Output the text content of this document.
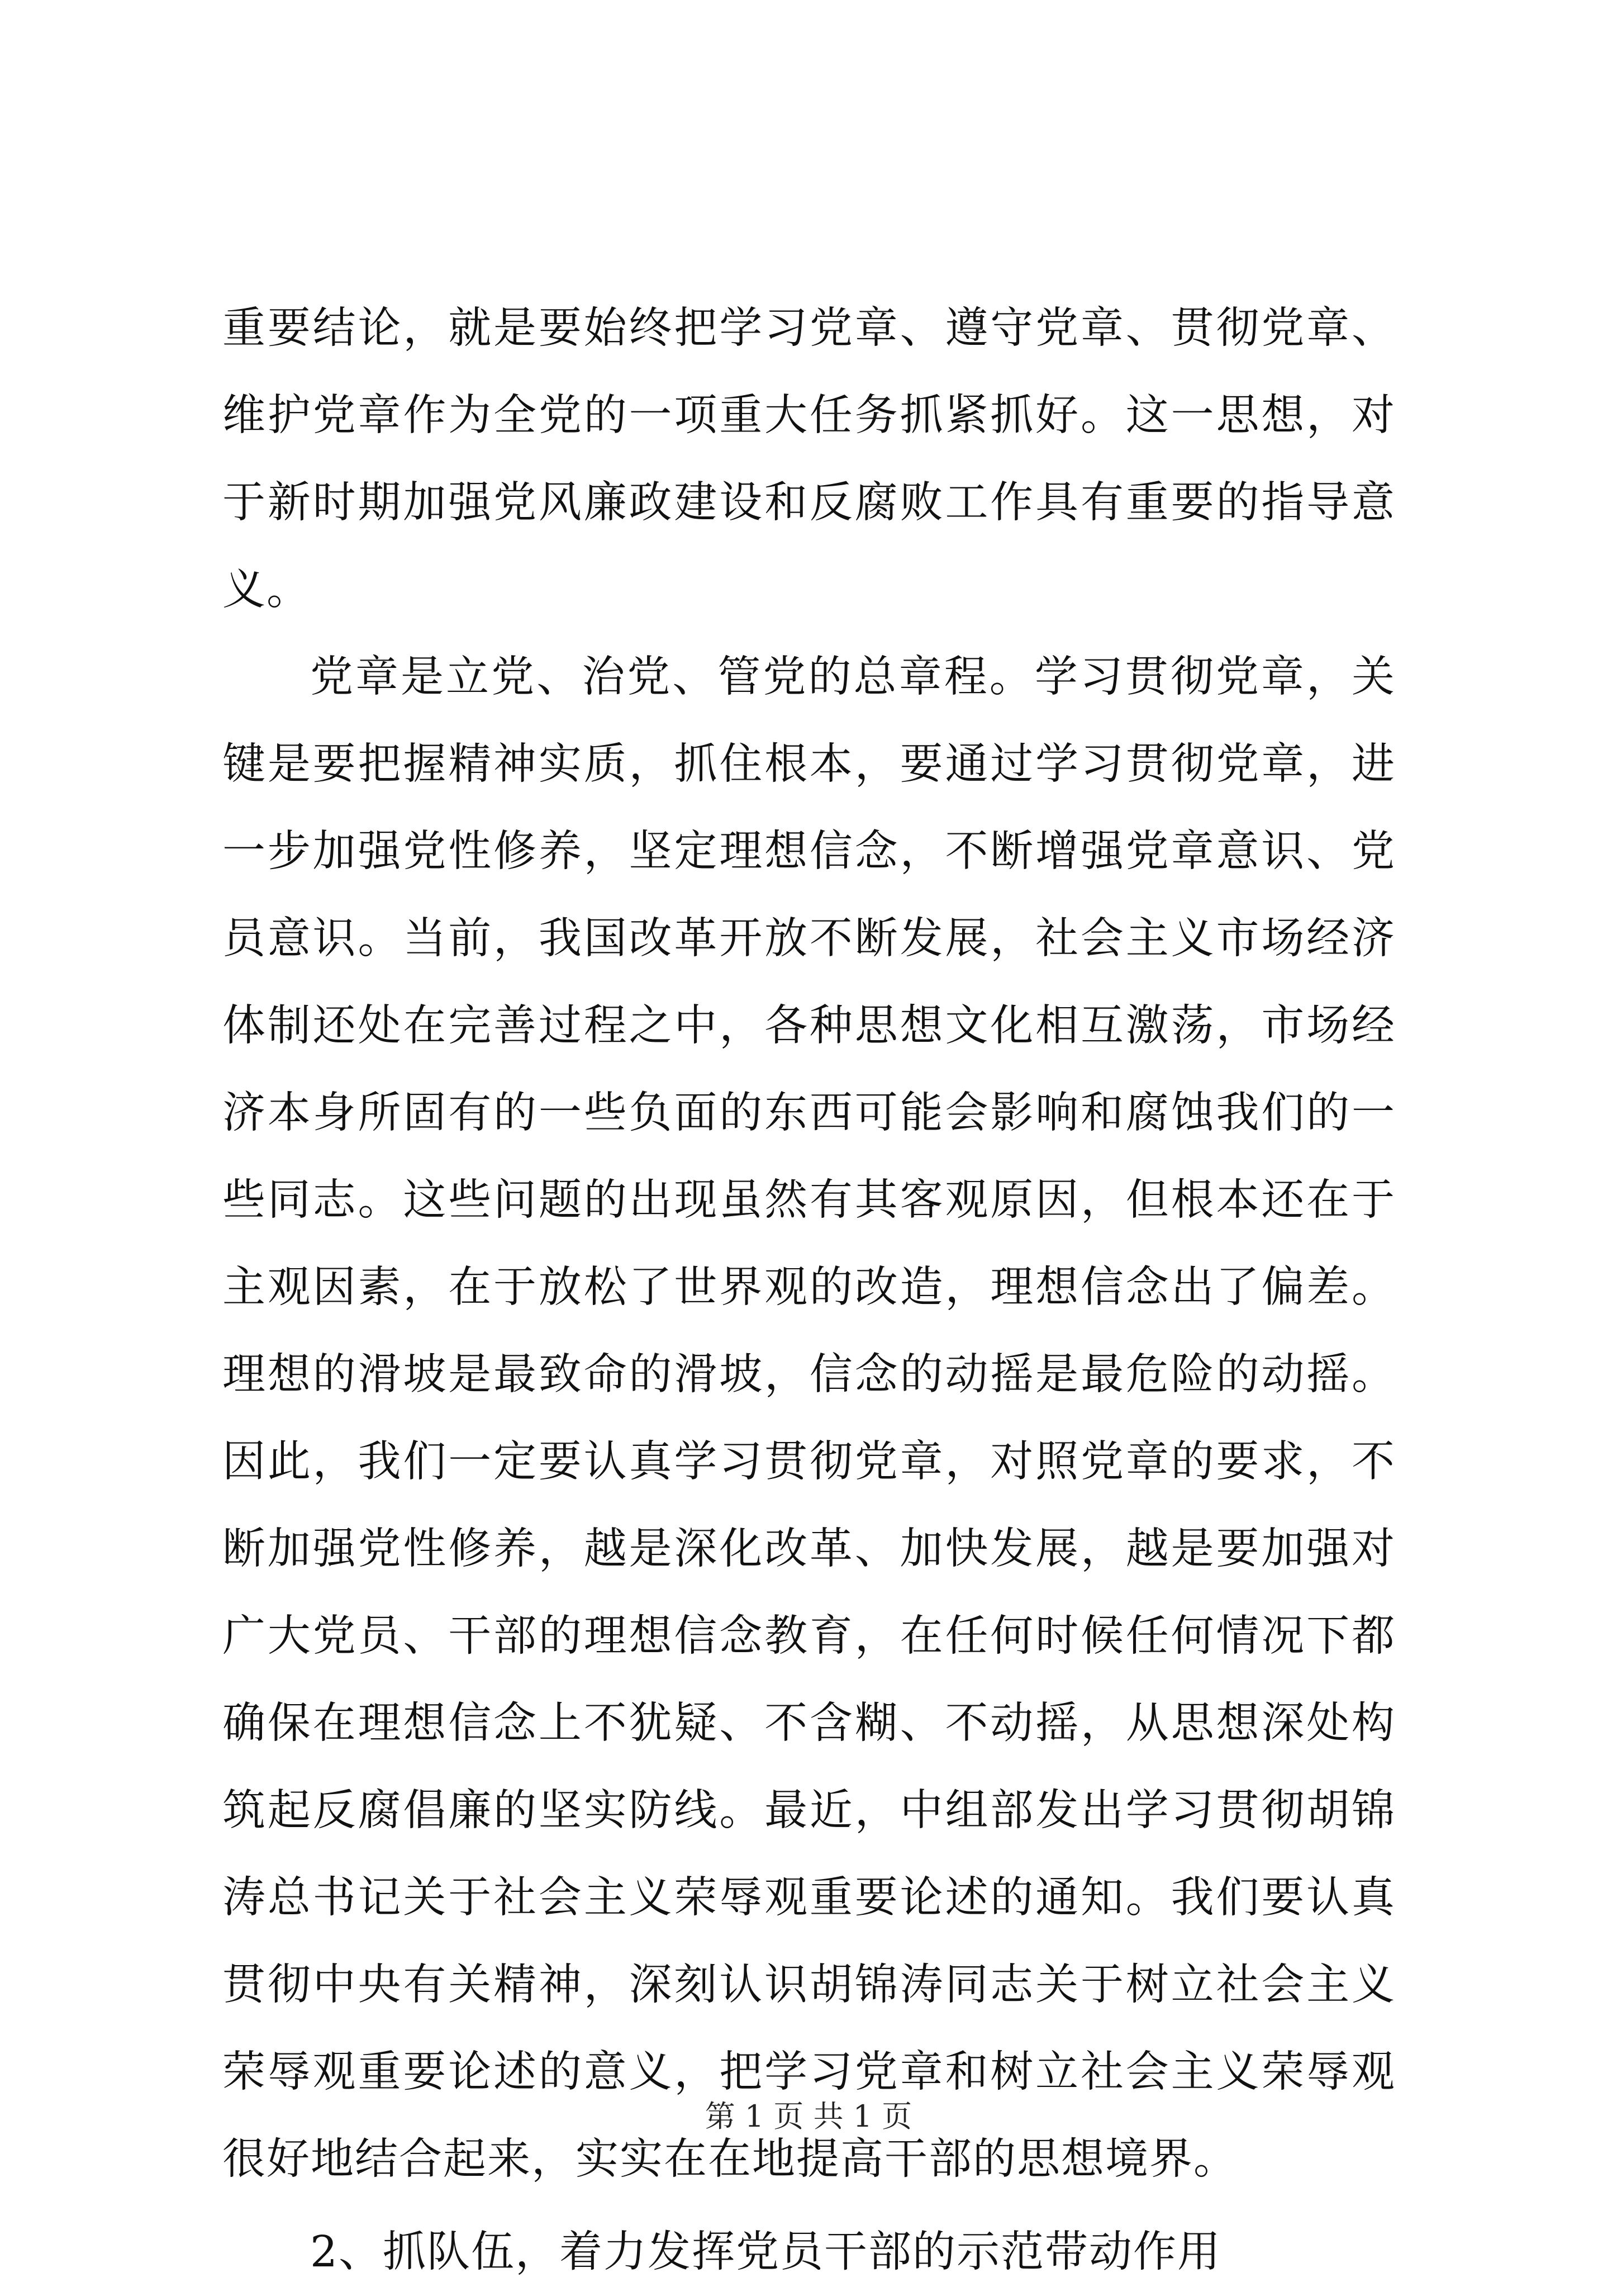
重要结论，就是要始终把学习党章、遵守党章、贯彻党章、维护党章作为全党的一项重大任务抓紧抓好。这一思想，对于新时期加强党风廉政建设和反腐败工作具有重要的指导意义。

党章是立党、治党、管党的总章程。学习贯彻党章，关键是要把握精神实质，抓住根本，要通过学习贯彻党章，进一步加强党性修养，坚定理想信念，不断增强党章意识、党员意识。当前，我国改革开放不断发展，社会主义市场经济体制还处在完善过程之中，各种思想文化相互激荡，市场经济本身所固有的一些负面的东西可能会影响和腐蚀我们的一些同志。这些问题的出现虽然有其客观原因，但根本还在于主观因素，在于放松了世界观的改造，理想信念出了偏差。理想的滑坡是最致命的滑坡，信念的动摇是最危险的动摇。因此，我们一定要认真学习贯彻党章，对照党章的要求，不断加强党性修养，越是深化改革、加快发展，越是要加强对广大党员、干部的理想信念教育，在任何时候任何情况下都确保在理想信念上不犹疑、不含糊、不动摇，从思想深处构筑起反腐倡廉的坚实防线。最近，中组部发出学习贯彻胡锦涛总书记关于社会主义荣辱观重要论述的通知。我们要认真贯彻中央有关精神，深刻认识胡锦涛同志关于树立社会主义荣辱观重要论述的意义，把学习党章和树立社会主义荣辱观很好地结合起来，实实在在地提高干部的思想境界。

2、抓队伍，着力发挥党员干部的示范带动作用

第 1 页 共 1 页
